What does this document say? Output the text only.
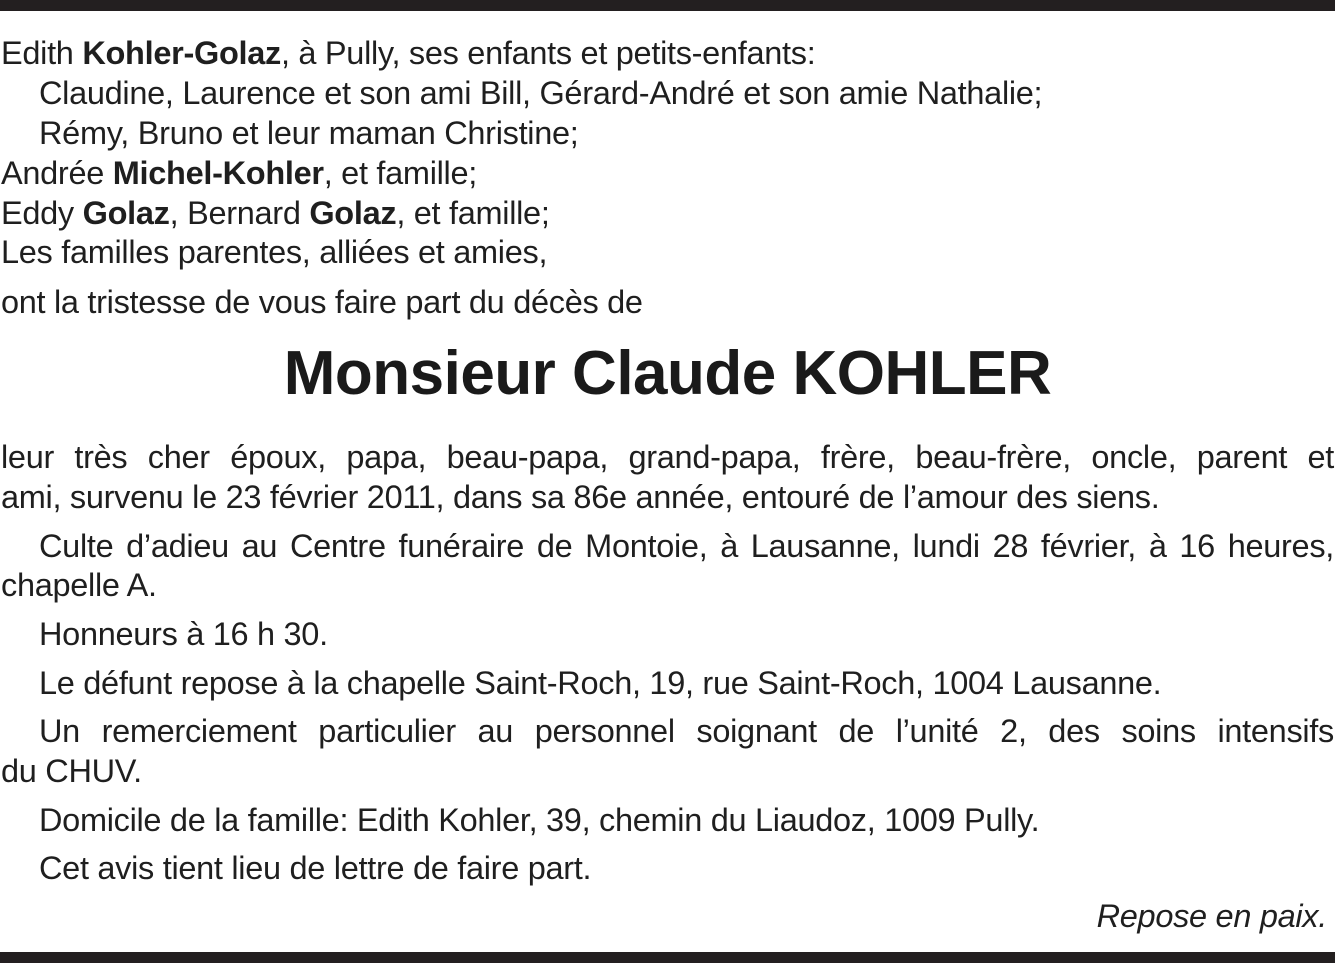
Edith Kohler-Golaz, à Pully, ses enfants et petits-enfants:
Claudine, Laurence et son ami Bill, Gérard-André et son amie Nathalie;
Rémy, Bruno et leur maman Christine;
Andrée Michel-Kohler, et famille;
Eddy Golaz, Bernard Golaz, et famille;
Les familles parentes, alliées et amies,
ont la tristesse de vous faire part du décès de
Monsieur Claude KOHLER
leur très cher époux, papa, beau-papa, grand-papa, frère, beau-frère, oncle, parent et
ami, survenu le 23 février 2011, dans sa 86e année, entouré de l’amour des siens.
Culte d’adieu au Centre funéraire de Montoie, à Lausanne, lundi 28 février, à 16 heures,
chapelle A.
Honneurs à 16 h 30.
Le défunt repose à la chapelle Saint-Roch, 19, rue Saint-Roch, 1004 Lausanne.
Un remerciement particulier au personnel soignant de l’unité 2, des soins intensifs
du CHUV.
Domicile de la famille: Edith Kohler, 39, chemin du Liaudoz, 1009 Pully.
Cet avis tient lieu de lettre de faire part.
Repose en paix.
